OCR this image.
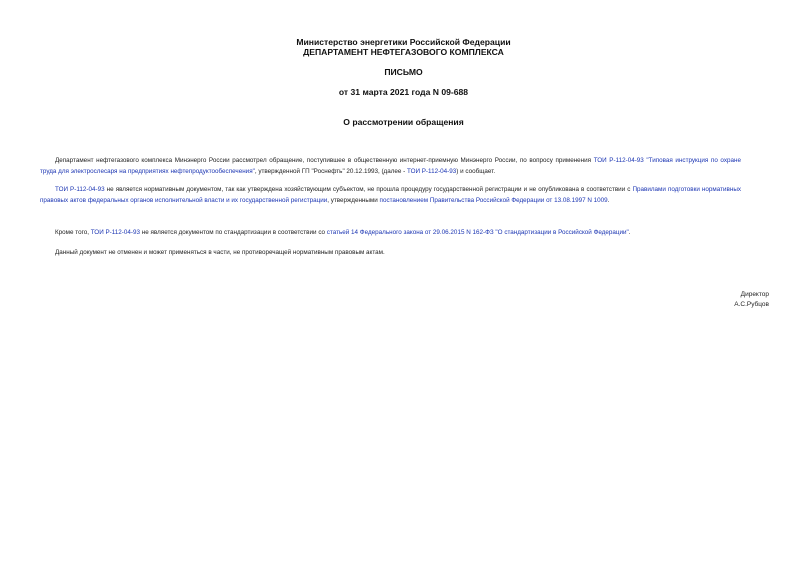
Министерство энергетики Российской Федерации
ДЕПАРТАМЕНТ НЕФТЕГАЗОВОГО КОМПЛЕКСА
ПИСЬМО
от 31 марта 2021 года N 09-688
О рассмотрении обращения
Департамент нефтегазового комплекса Минэнерго России рассмотрел обращение, поступившее в общественную интернет-приемную Минэнерго России, по вопросу применения ТОИ Р-112-04-93 "Типовая инструкция по охране труда для электрослесаря на предприятиях нефтепродуктообеспечения", утвержденной ГП "Роснефть" 20.12.1993, (далее - ТОИ Р-112-04-93) и сообщает.
ТОИ Р-112-04-93 не является нормативным документом, так как утверждена хозяйствующим субъектом, не прошла процедуру государственной регистрации и не опубликована в соответствии с Правилами подготовки нормативных правовых актов федеральных органов исполнительной власти и их государственной регистрации, утвержденными постановлением Правительства Российской Федерации от 13.08.1997 N 1009.
Кроме того, ТОИ Р-112-04-93 не является документом по стандартизации в соответствии со статьей 14 Федерального закона от 29.06.2015 N 162-ФЗ "О стандартизации в Российской Федерации".
Данный документ не отменен и может применяться в части, не противоречащей нормативным правовым актам.
Директор
А.С.Рубцов
